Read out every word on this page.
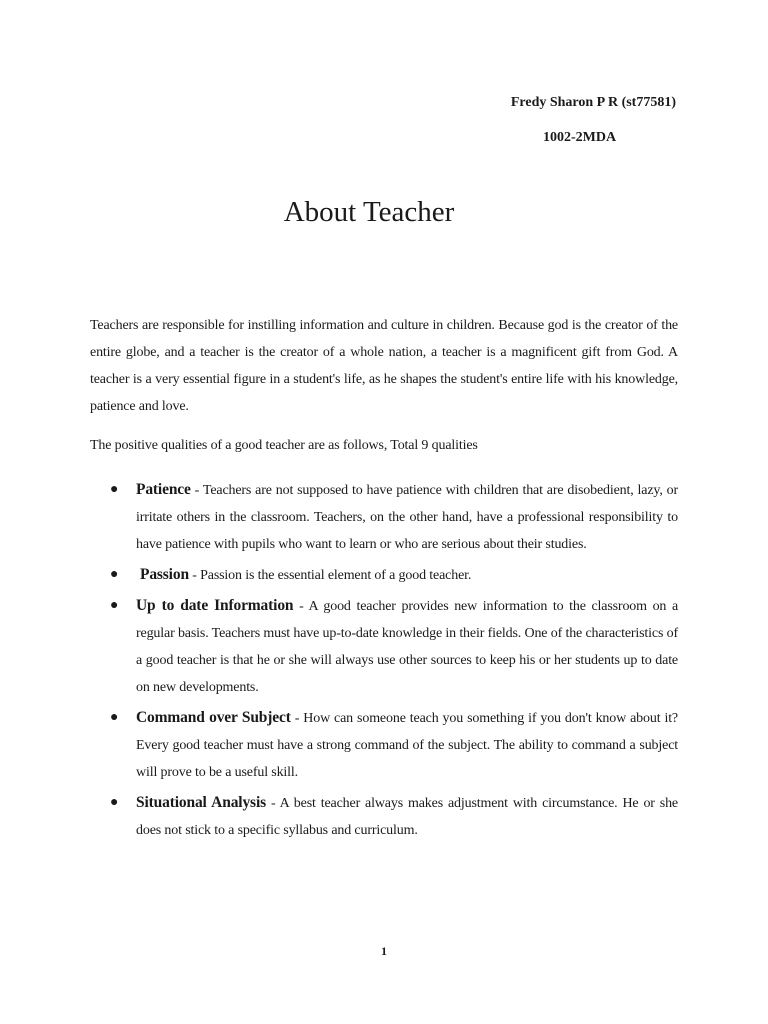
Fredy Sharon P R (st77581)
1002-2MDA
About Teacher

Teachers are responsible for instilling information and culture in children. Because god is the creator of the entire globe, and a teacher is the creator of a whole nation, a teacher is a magnificent gift from God. A teacher is a very essential figure in a student's life, as he shapes the student's entire life with his knowledge, patience and love.

The positive qualities of a good teacher are as follows, Total 9 qualities

● Patience - Teachers are not supposed to have patience with children that are disobedient, lazy, or irritate others in the classroom. Teachers, on the other hand, have a professional responsibility to have patience with pupils who want to learn or who are serious about their studies.
● Passion - Passion is the essential element of a good teacher.
● Up to date Information - A good teacher provides new information to the classroom on a regular basis. Teachers must have up-to-date knowledge in their fields. One of the characteristics of a good teacher is that he or she will always use other sources to keep his or her students up to date on new developments.
● Command over Subject - How can someone teach you something if you don't know about it? Every good teacher must have a strong command of the subject. The ability to command a subject will prove to be a useful skill.
● Situational Analysis - A best teacher always makes adjustment with circumstance. He or she does not stick to a specific syllabus and curriculum.
1
